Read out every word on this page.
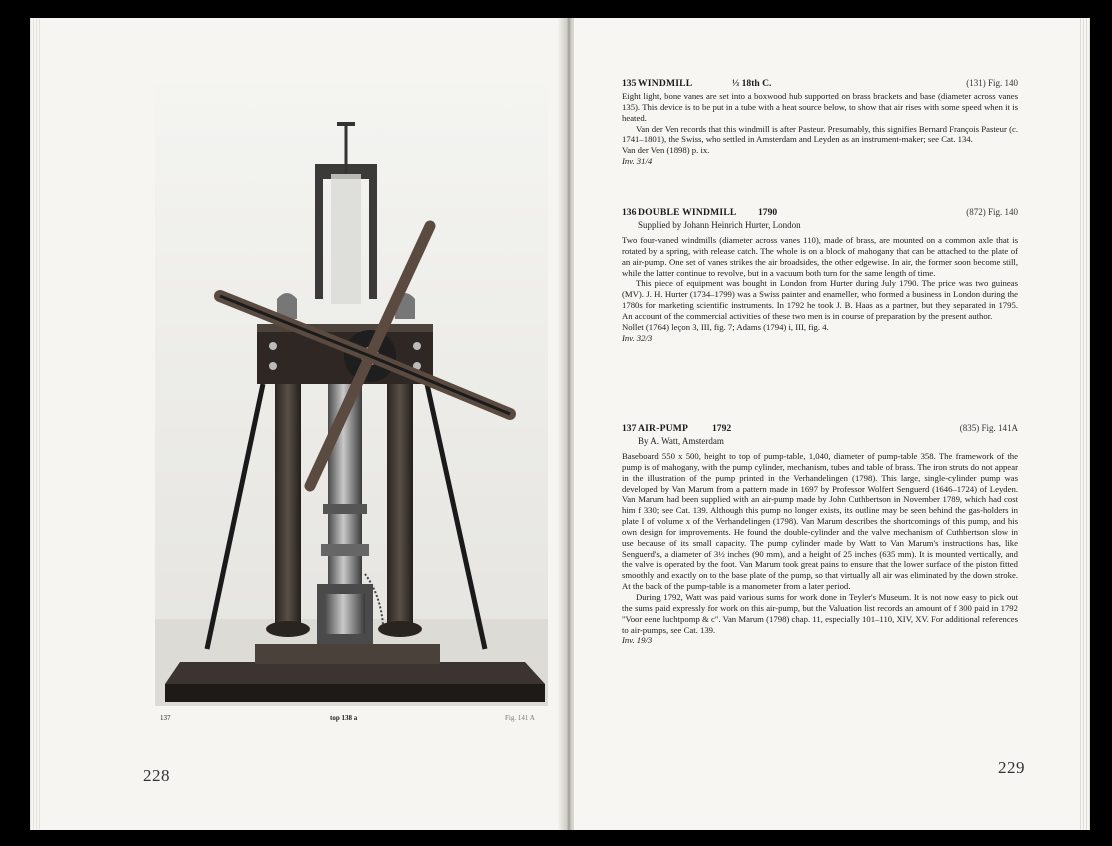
137	top 138 a	Fig. 141 A
228
135 WINDMILL	⅓ 18th C.	(131) Fig. 140

Eight light, bone vanes are set into a boxwood hub supported on brass brackets and base (diameter across vanes 135). This device is to be put in a tube with a heat source below, to show that air rises with some speed when it is heated.

Van der Ven records that this windmill is after Pasteur. Presumably, this signifies Bernard François Pasteur (c. 1741–1801), the Swiss, who settled in Amsterdam and Leyden as an instrument-maker; see Cat. 134.

Van der Ven (1898) p. ix.

Inv. 31/4
136 DOUBLE WINDMILL 1790	(872) Fig. 140
Supplied by Johann Heinrich Hurter, London

Two four-vaned windmills (diameter across vanes 110), made of brass, are mounted on a common axle that is rotated by a spring, with release catch. The whole is on a block of mahogany that can be attached to the plate of an air-pump. One set of vanes strikes the air broadsides, the other edgewise. In air, the former soon become still, while the latter continue to revolve, but in a vacuum both turn for the same length of time.

This piece of equipment was bought in London from Hurter during July 1790. The price was two guineas (MV). J. H. Hurter (1734–1799) was a Swiss painter and enameller, who formed a business in London during the 1780s for marketing scientific instruments. In 1792 he took J. B. Haas as a partner, but they separated in 1795. An account of the commercial activities of these two men is in course of preparation by the present author.

Nollet (1764) leçon 3, III, fig. 7; Adams (1794) i, III, fig. 4.

Inv. 32/3
137 AIR-PUMP 1792	(835) Fig. 141A
By A. Watt, Amsterdam

Baseboard 550 x 500, height to top of pump-table, 1,040, diameter of pump-table 358. The framework of the pump is of mahogany, with the pump cylinder, mechanism, tubes and table of brass. The iron struts do not appear in the illustration of the pump printed in the Verhandelingen (1798). This large, single-cylinder pump was developed by Van Marum from a pattern made in 1697 by Professor Wolfert Senguerd (1646–1724) of Leyden. Van Marum had been supplied with an air-pump made by John Cuthbertson in November 1789, which had cost him f 330; see Cat. 139. Although this pump no longer exists, its outline may be seen behind the gas-holders in plate I of volume x of the Verhandelingen (1798). Van Marum describes the shortcomings of this pump, and his own design for improvements. He found the double-cylinder and the valve mechanism of Cuthbertson slow in use because of its small capacity. The pump cylinder made by Watt to Van Marum's instructions has, like Senguerd's, a diameter of 3½ inches (90 mm), and a height of 25 inches (635 mm). It is mounted vertically, and the valve is operated by the foot. Van Marum took great pains to ensure that the lower surface of the piston fitted smoothly and exactly on to the base plate of the pump, so that virtually all air was eliminated by the down stroke. At the back of the pump-table is a manometer from a later period.

During 1792, Watt was paid various sums for work done in Teyler's Museum. It is not now easy to pick out the sums paid expressly for work on this air-pump, but the Valuation list records an amount of f 300 paid in 1792 "Voor eene luchtpomp & c". Van Marum (1798) chap. 11, especially 101–110, XIV, XV. For additional references to air-pumps, see Cat. 139.

Inv. 19/3
229
